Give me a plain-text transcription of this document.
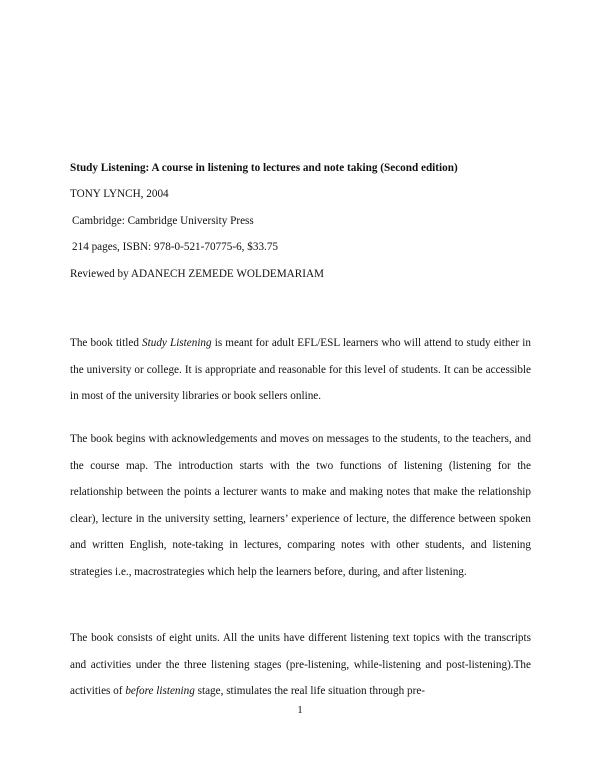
Study Listening: A course in listening to lectures and note taking (Second edition)
TONY LYNCH, 2004
Cambridge: Cambridge University Press
214 pages, ISBN: 978-0-521-70775-6, $33.75
Reviewed by ADANECH ZEMEDE WOLDEMARIAM

The book titled Study Listening is meant for adult EFL/ESL learners who will attend to study either in the university or college. It is appropriate and reasonable for this level of students. It can be accessible in most of the university libraries or book sellers online.

The book begins with acknowledgements and moves on messages to the students, to the teachers, and the course map. The introduction starts with the two functions of listening (listening for the relationship between the points a lecturer wants to make and making notes that make the relationship clear), lecture in the university setting, learners’ experience of lecture, the difference between spoken and written English, note-taking in lectures, comparing notes with other students, and listening strategies i.e., macrostrategies which help the learners before, during, and after listening.

The book consists of eight units. All the units have different listening text topics with the transcripts and activities under the three listening stages (pre-listening, while-listening and post-listening).The activities of before listening stage, stimulates the real life situation through pre-

1
